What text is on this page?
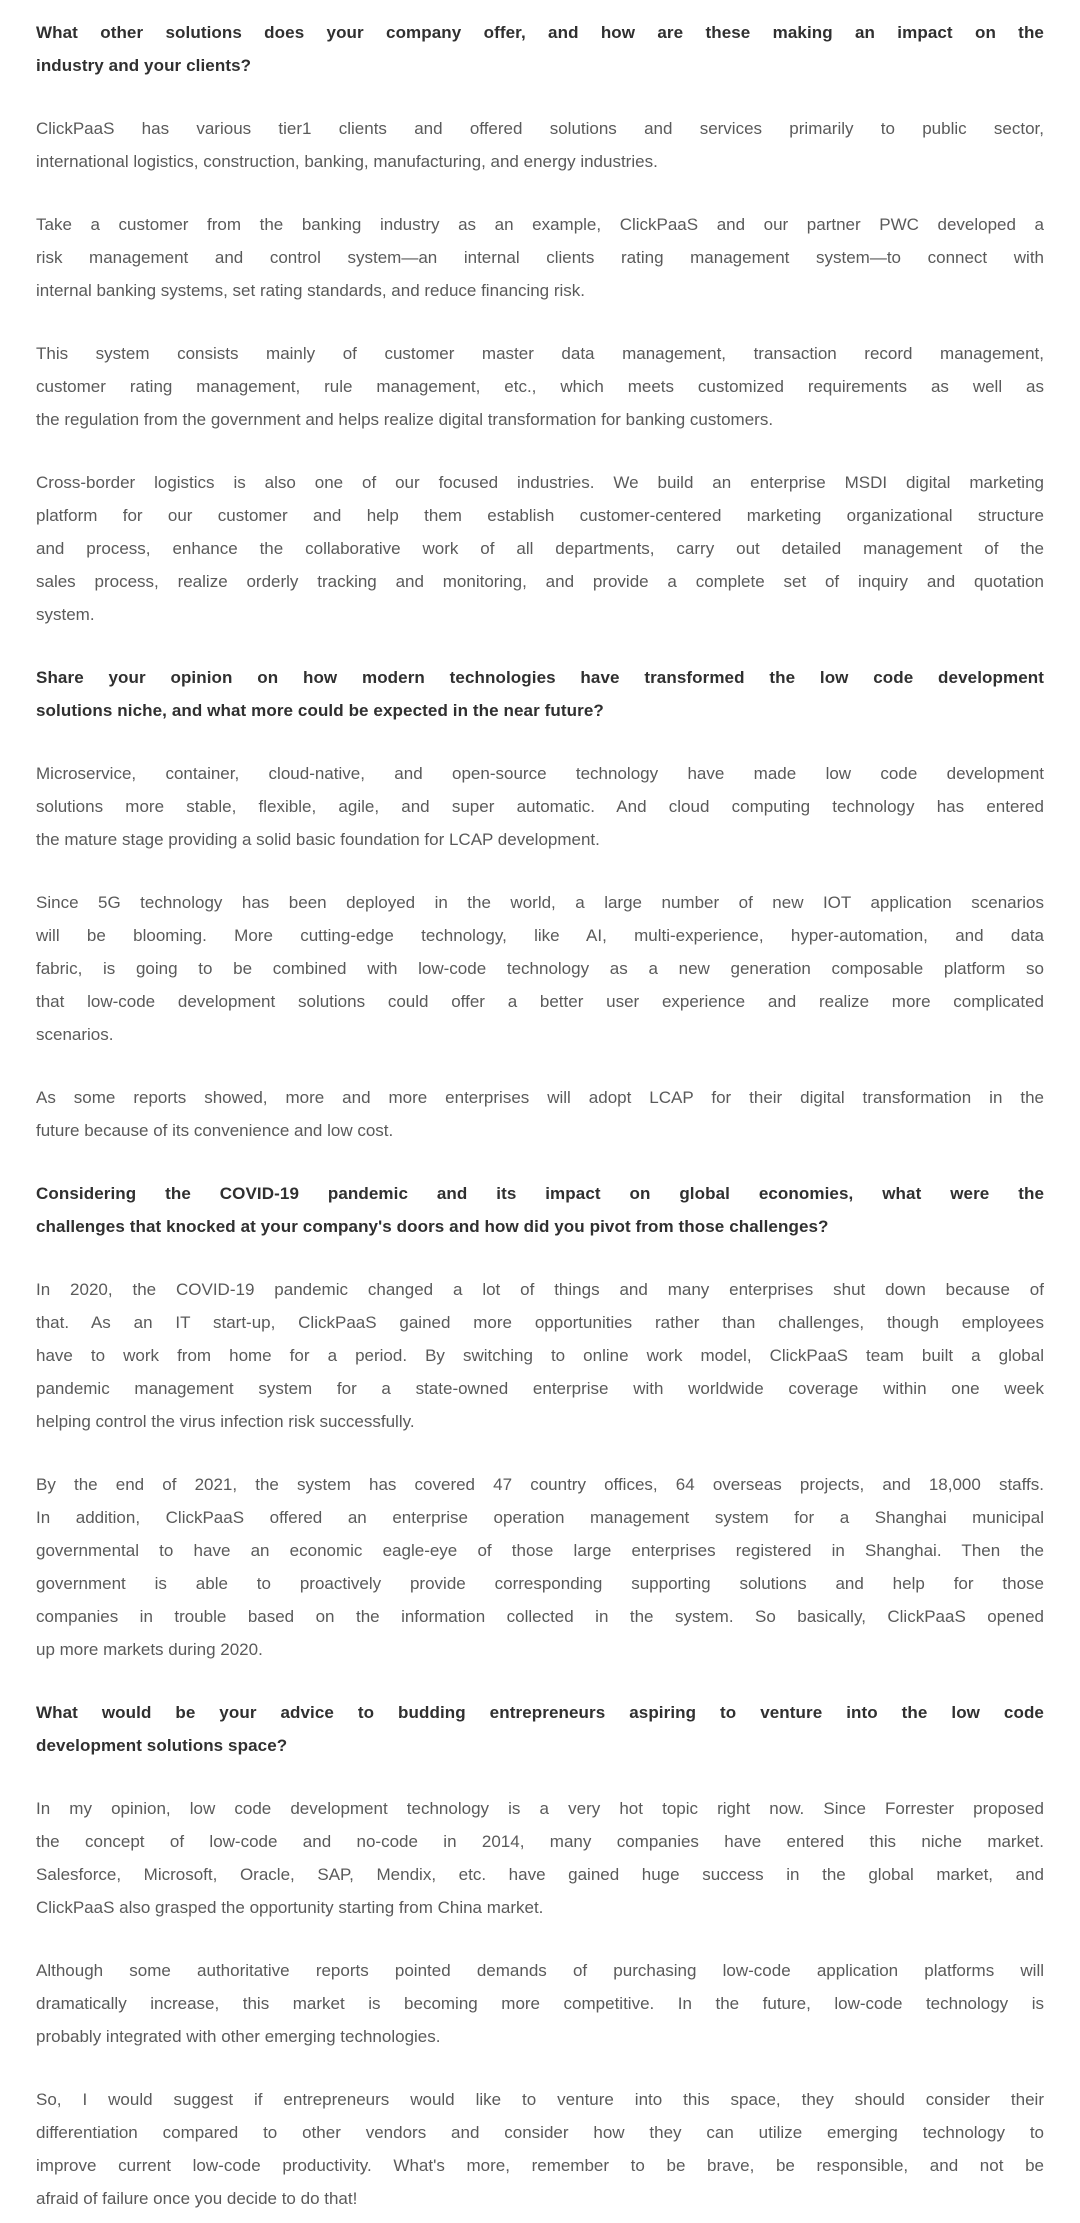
What other solutions does your company offer, and how are these making an impact on the
industry and your clients?

ClickPaaS has various tier1 clients and offered solutions and services primarily to public sector,
international logistics, construction, banking, manufacturing, and energy industries.

Take a customer from the banking industry as an example, ClickPaaS and our partner PWC developed a
risk management and control system—an internal clients rating management system—to connect with
internal banking systems, set rating standards, and reduce financing risk.

This system consists mainly of customer master data management, transaction record management,
customer rating management, rule management, etc., which meets customized requirements as well as
the regulation from the government and helps realize digital transformation for banking customers.

Cross-border logistics is also one of our focused industries. We build an enterprise MSDI digital marketing
platform for our customer and help them establish customer-centered marketing organizational structure
and process, enhance the collaborative work of all departments, carry out detailed management of the
sales process, realize orderly tracking and monitoring, and provide a complete set of inquiry and quotation
system.

Share your opinion on how modern technologies have transformed the low code development
solutions niche, and what more could be expected in the near future?

Microservice, container, cloud-native, and open-source technology have made low code development
solutions more stable, flexible, agile, and super automatic. And cloud computing technology has entered
the mature stage providing a solid basic foundation for LCAP development.

Since 5G technology has been deployed in the world, a large number of new IOT application scenarios
will be blooming. More cutting-edge technology, like AI, multi-experience, hyper-automation, and data
fabric, is going to be combined with low-code technology as a new generation composable platform so
that low-code development solutions could offer a better user experience and realize more complicated
scenarios.

As some reports showed, more and more enterprises will adopt LCAP for their digital transformation in the
future because of its convenience and low cost.

Considering the COVID-19 pandemic and its impact on global economies, what were the
challenges that knocked at your company's doors and how did you pivot from those challenges?

In 2020, the COVID-19 pandemic changed a lot of things and many enterprises shut down because of
that. As an IT start-up, ClickPaaS gained more opportunities rather than challenges, though employees
have to work from home for a period. By switching to online work model, ClickPaaS team built a global
pandemic management system for a state-owned enterprise with worldwide coverage within one week
helping control the virus infection risk successfully.

By the end of 2021, the system has covered 47 country offices, 64 overseas projects, and 18,000 staffs.
In addition, ClickPaaS offered an enterprise operation management system for a Shanghai municipal
governmental to have an economic eagle-eye of those large enterprises registered in Shanghai. Then the
government is able to proactively provide corresponding supporting solutions and help for those
companies in trouble based on the information collected in the system. So basically, ClickPaaS opened
up more markets during 2020.

What would be your advice to budding entrepreneurs aspiring to venture into the low code
development solutions space?

In my opinion, low code development technology is a very hot topic right now. Since Forrester proposed
the concept of low-code and no-code in 2014, many companies have entered this niche market.
Salesforce, Microsoft, Oracle, SAP, Mendix, etc. have gained huge success in the global market, and
ClickPaaS also grasped the opportunity starting from China market.

Although some authoritative reports pointed demands of purchasing low-code application platforms will
dramatically increase, this market is becoming more competitive. In the future, low-code technology is
probably integrated with other emerging technologies.

So, I would suggest if entrepreneurs would like to venture into this space, they should consider their
differentiation compared to other vendors and consider how they can utilize emerging technology to
improve current low-code productivity. What's more, remember to be brave, be responsible, and not be
afraid of failure once you decide to do that!
